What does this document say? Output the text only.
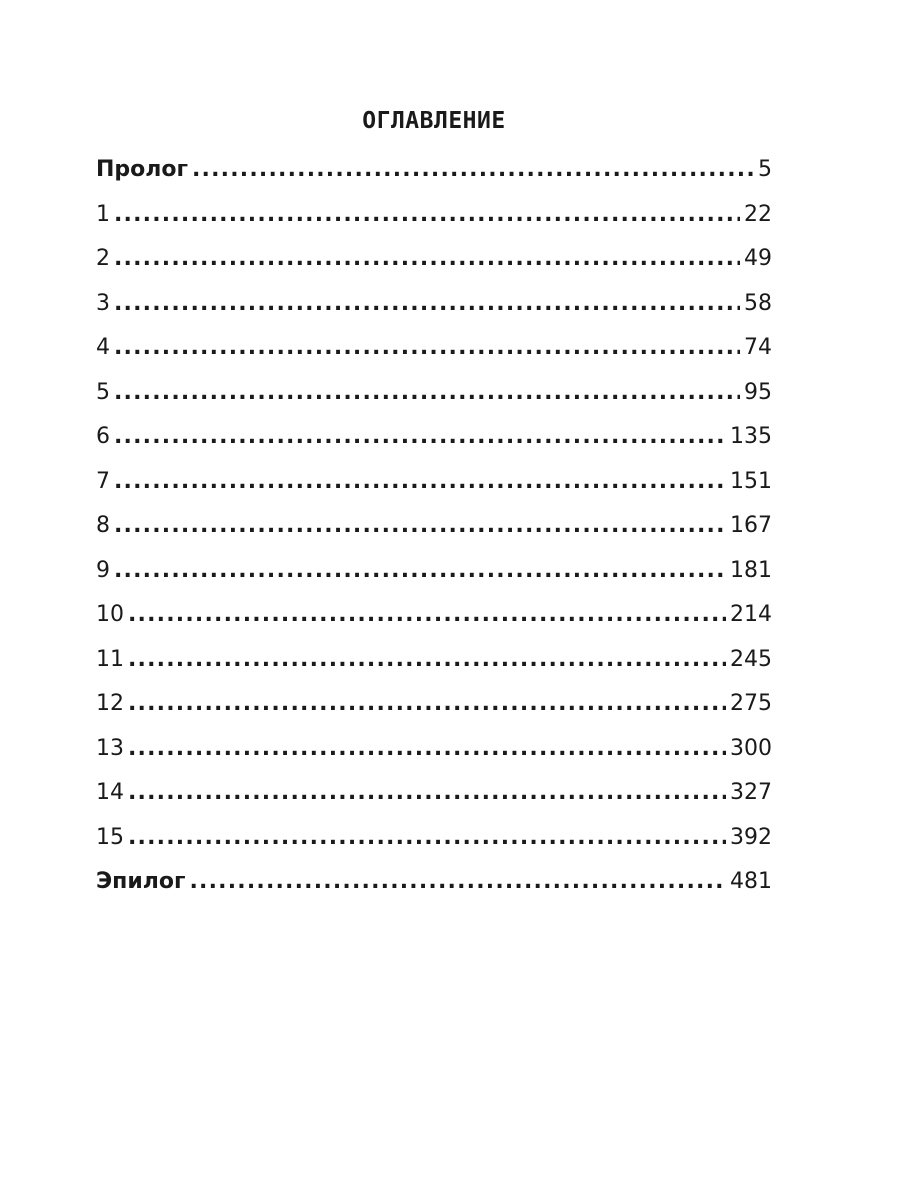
ОГЛАВЛЕНИЕ
Пролог .....	5
1 .....	22
2 .....	49
3 .....	58
4 .....	74
5 .....	95
6 .....	135
7 .....	151
8 .....	167
9 .....	181
10 .....	214
11 .....	245
12 .....	275
13 .....	300
14 .....	327
15 .....	392
Эпилог .....	481
